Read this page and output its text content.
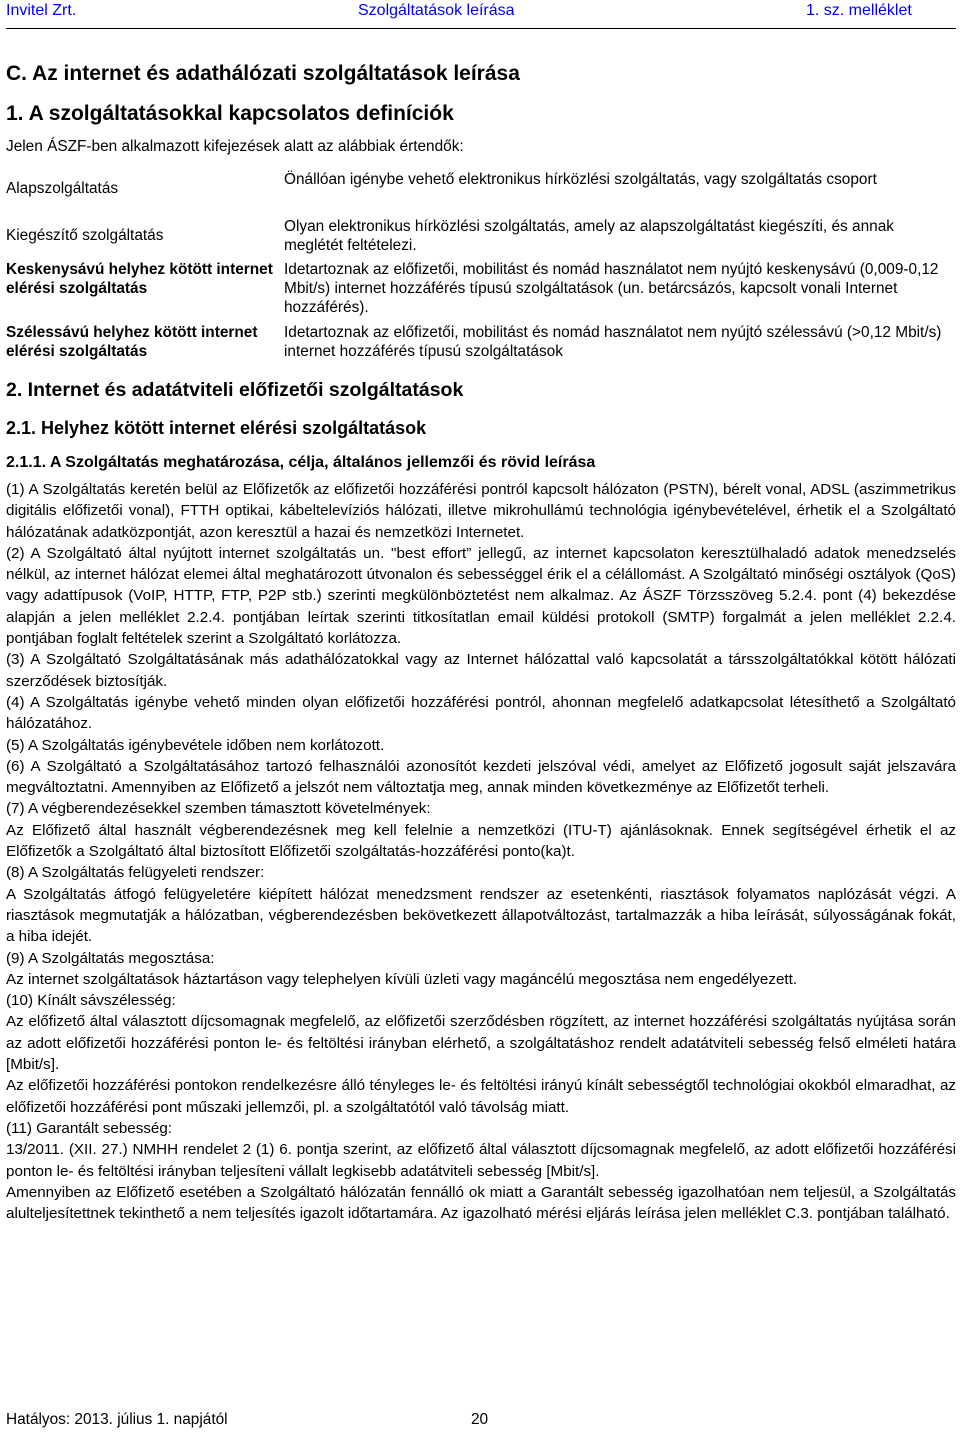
Invitel Zrt.	Szolgáltatások leírása	1. sz. melléklet
C. Az internet és adathálózati szolgáltatások leírása
1. A szolgáltatásokkal kapcsolatos definíciók
Jelen ÁSZF-ben alkalmazott kifejezések alatt az alábbiak értendők:
Alapszolgáltatás
Önállóan igénybe vehető elektronikus hírközlési szolgáltatás, vagy szolgáltatás csoport
Kiegészítő szolgáltatás
Olyan elektronikus hírközlési szolgáltatás, amely az alapszolgáltatást kiegészíti, és annak meglétét feltételezi.
Keskenysávú helyhez kötött internet elérési szolgáltatás
Idetartoznak az előfizetői, mobilitást és nomád használatot nem nyújtó keskenysávú (0,009-0,12 Mbit/s) internet hozzáférés típusú szolgáltatások (un. betárcsázós, kapcsolt vonali Internet hozzáférés).
Szélessávú helyhez kötött internet elérési szolgáltatás
Idetartoznak az előfizetői, mobilitást és nomád használatot nem nyújtó szélessávú (>0,12 Mbit/s) internet hozzáférés típusú szolgáltatások
2. Internet és adatátviteli előfizetői szolgáltatások
2.1. Helyhez kötött internet elérési szolgáltatások
2.1.1. A Szolgáltatás meghatározása, célja, általános jellemzői és rövid leírása

(1) A Szolgáltatás keretén belül az Előfizetők az előfizetői hozzáférési pontról kapcsolt hálózaton (PSTN), bérelt vonal, ADSL (aszimmetrikus digitális előfizetői vonal), FTTH optikai, kábeltelevíziós hálózati, illetve mikrohullámú technológia igénybevételével, érhetik el a Szolgáltató hálózatának adatközpontját, azon keresztül a hazai és nemzetközi Internetet.

(2) A Szolgáltató által nyújtott internet szolgáltatás un. "best effort” jellegű, az internet kapcsolaton keresztülhaladó adatok menedzselés nélkül, az internet hálózat elemei által meghatározott útvonalon és sebességgel érik el a célállomást. A Szolgáltató minőségi osztályok (QoS) vagy adattípusok (VoIP, HTTP, FTP, P2P stb.) szerinti megkülönböztetést nem alkalmaz. Az ÁSZF Törzsszöveg 5.2.4. pont (4) bekezdése alapján a jelen melléklet 2.2.4. pontjában leírtak szerinti titkosítatlan email küldési protokoll (SMTP) forgalmát a jelen melléklet 2.2.4. pontjában foglalt feltételek szerint a Szolgáltató korlátozza.

(3) A Szolgáltató Szolgáltatásának más adathálózatokkal vagy az Internet hálózattal való kapcsolatát a társszolgáltatókkal kötött hálózati szerződések biztosítják.

(4) A Szolgáltatás igénybe vehető minden olyan előfizetői hozzáférési pontról, ahonnan megfelelő adatkapcsolat létesíthető a Szolgáltató hálózatához.

(5) A Szolgáltatás igénybevétele időben nem korlátozott.

(6) A Szolgáltató a Szolgáltatásához tartozó felhasználói azonosítót kezdeti jelszóval védi, amelyet az Előfizető jogosult saját jelszavára megváltoztatni. Amennyiben az Előfizető a jelszót nem változtatja meg, annak minden következménye az Előfizetőt terheli.

(7) A végberendezésekkel szemben támasztott követelmények:

Az Előfizető által használt végberendezésnek meg kell felelnie a nemzetközi (ITU-T) ajánlásoknak. Ennek segítségével érhetik el az Előfizetők a Szolgáltató által biztosított Előfizetői szolgáltatás-hozzáférési ponto(ka)t.

(8) A Szolgáltatás felügyeleti rendszer:

A Szolgáltatás átfogó felügyeletére kiépített hálózat menedzsment rendszer az esetenkénti, riasztások folyamatos naplózását végzi. A riasztások megmutatják a hálózatban, végberendezésben bekövetkezett állapotváltozást, tartalmazzák a hiba leírását, súlyosságának fokát, a hiba idejét.

(9) A Szolgáltatás megosztása:

Az internet szolgáltatások háztartáson vagy telephelyen kívüli üzleti vagy magáncélú megosztása nem engedélyezett.

(10) Kínált sávszélesség:

Az előfizető által választott díjcsomagnak megfelelő, az előfizetői szerződésben rögzített, az internet hozzáférési szolgáltatás nyújtása során az adott előfizetői hozzáférési ponton le- és feltöltési irányban elérhető, a szolgáltatáshoz rendelt adatátviteli sebesség felső elméleti határa [Mbit/s].

Az előfizetői hozzáférési pontokon rendelkezésre álló tényleges le- és feltöltési irányú kínált sebességtől technológiai okokból elmaradhat, az előfizetői hozzáférési pont műszaki jellemzői, pl. a szolgáltatótól való távolság miatt.

(11) Garantált sebesség:

13/2011. (XII. 27.) NMHH rendelet 2 (1) 6. pontja szerint, az előfizető által választott díjcsomagnak megfelelő, az adott előfizetői hozzáférési ponton le- és feltöltési irányban teljesíteni vállalt legkisebb adatátviteli sebesség [Mbit/s].

Amennyiben az Előfizető esetében a Szolgáltató hálózatán fennálló ok miatt a Garantált sebesség igazolhatóan nem teljesül, a Szolgáltatás alulteljesítettnek tekinthető a nem teljesítés igazolt időtartamára. Az igazolható mérési eljárás leírása jelen melléklet C.3. pontjában található.

Hatályos: 2013. július 1. napjától	20
